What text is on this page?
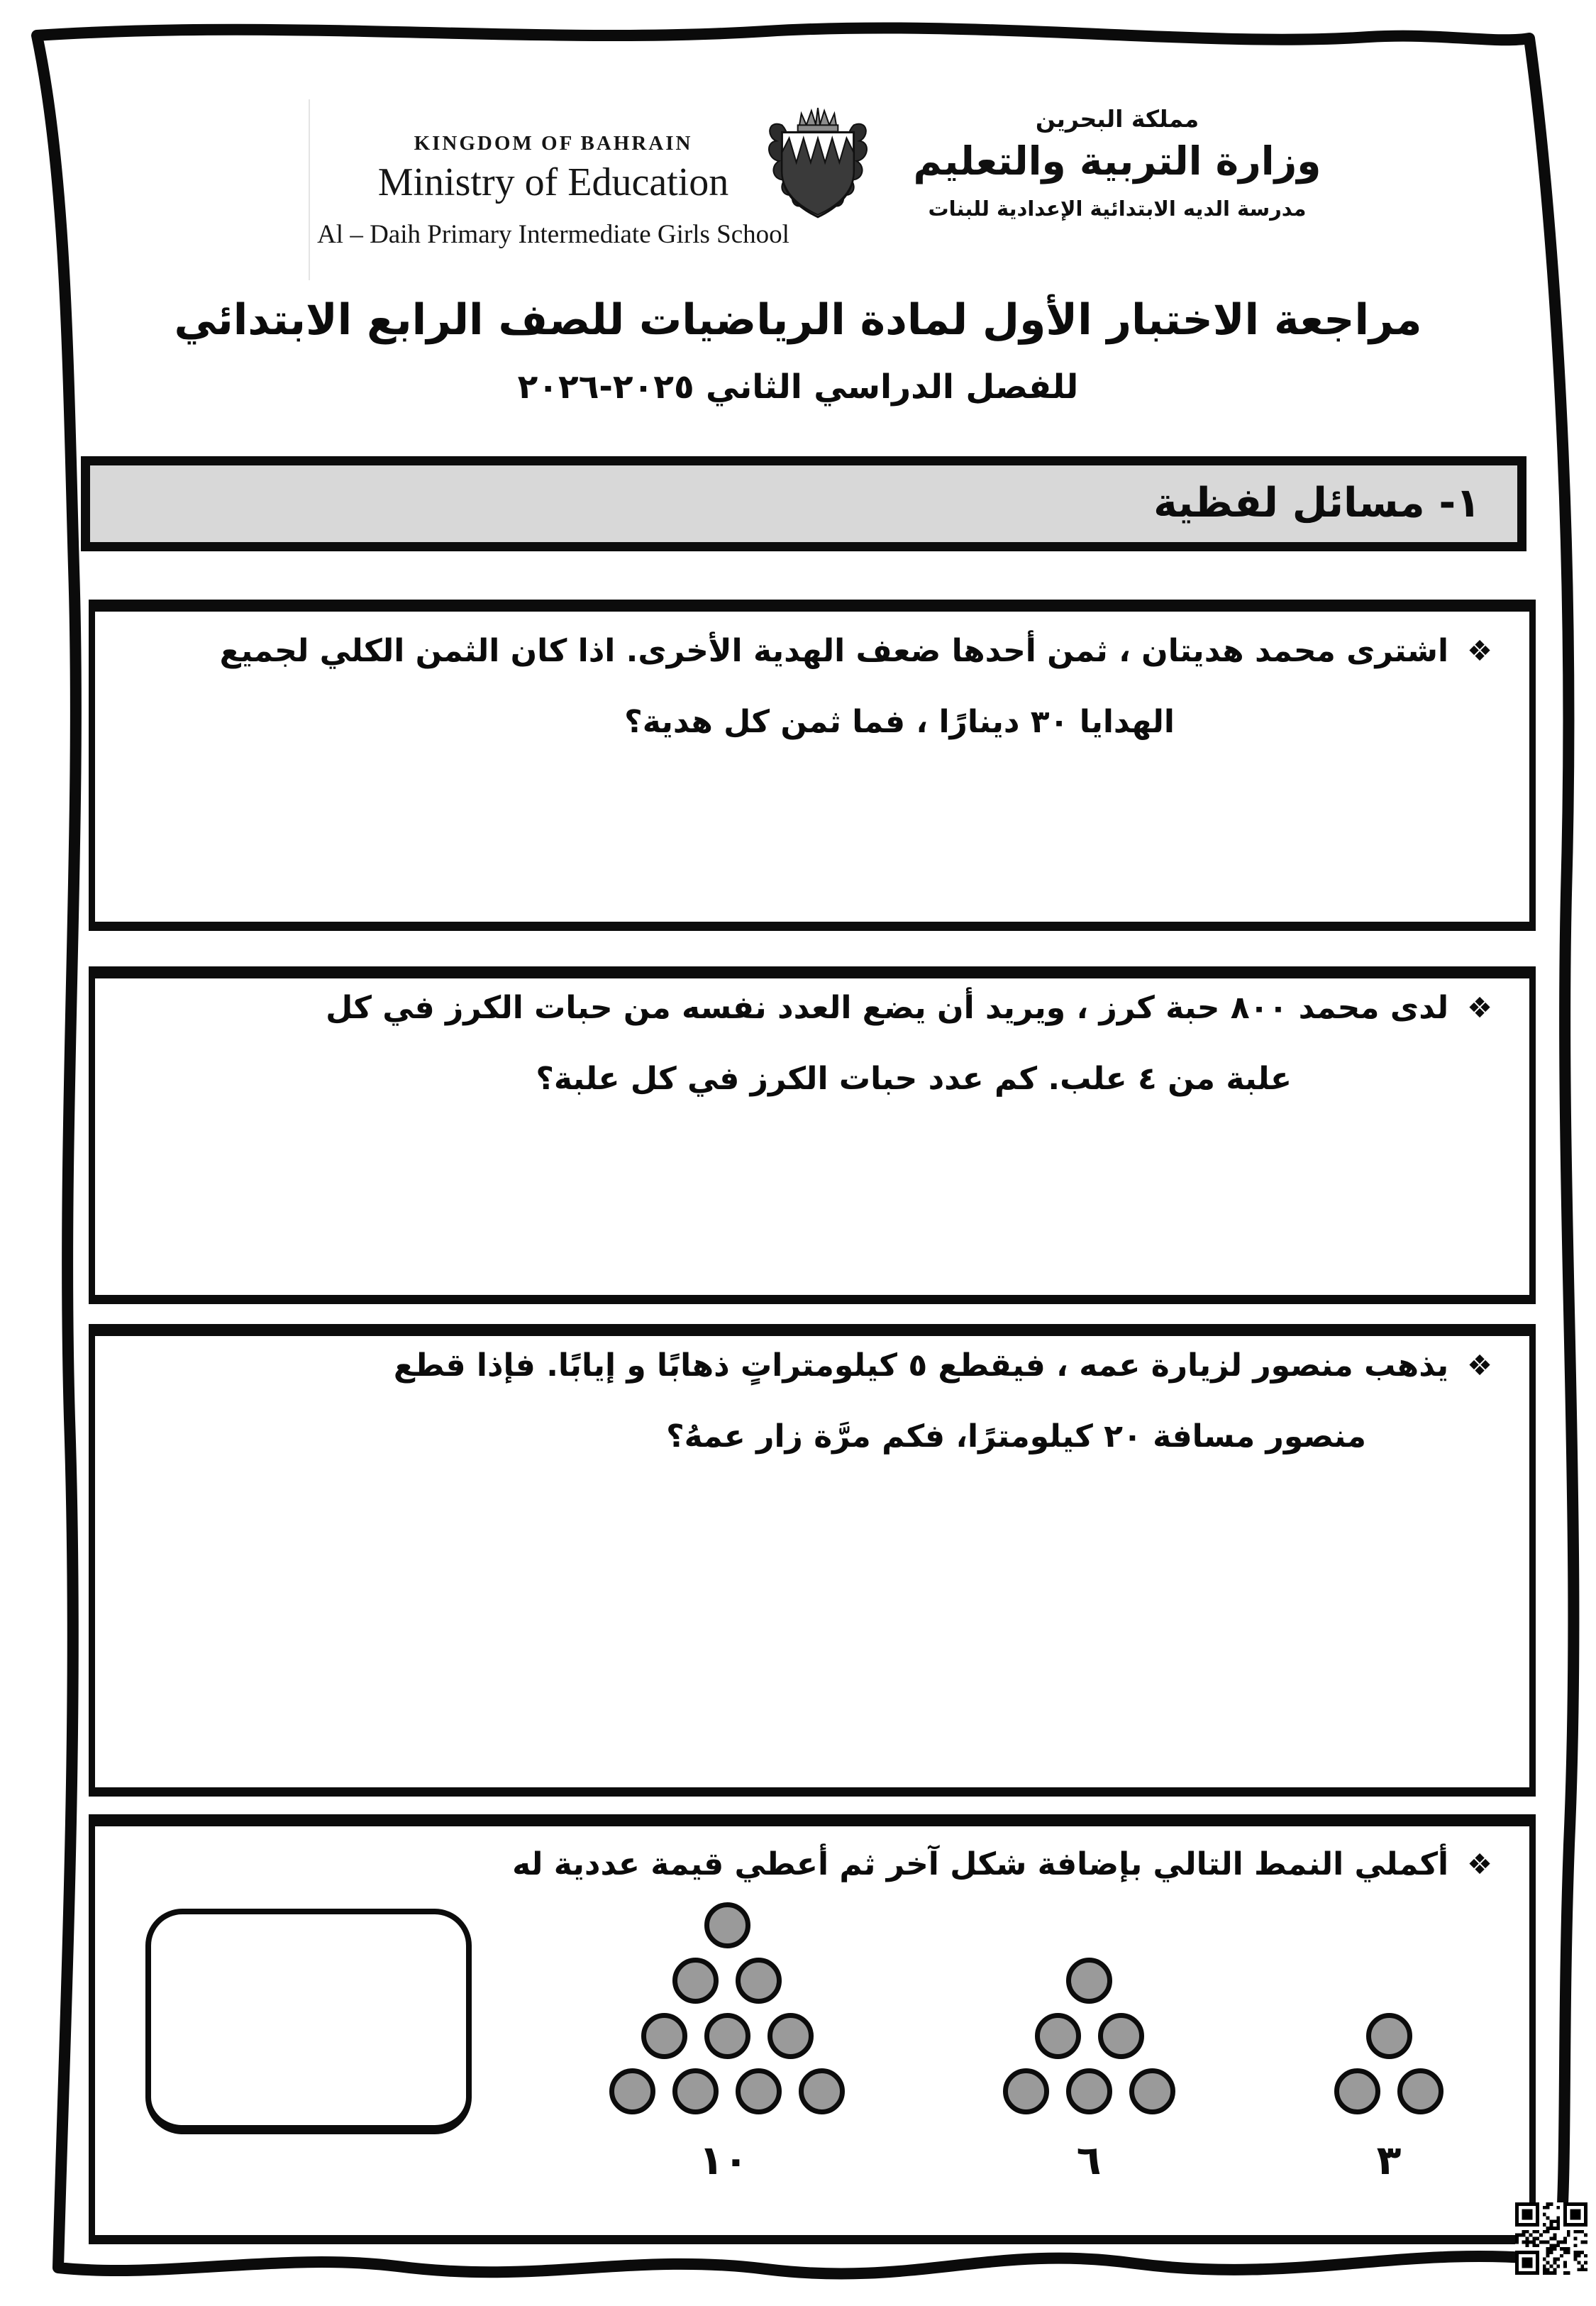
KINGDOM OF BAHRAIN
Ministry of Education
Al – Daih Primary Intermediate Girls School
مملكة البحرين
وزارة التربية والتعليم
مدرسة الديه الابتدائية الإعدادية للبنات
مراجعة الاختبار الأول لمادة الرياضيات للصف الرابع الابتدائي
للفصل الدراسي الثاني ٢٠٢٥-٢٠٢٦
١- مسائل لفظية
❖
اشترى محمد هديتان ، ثمن أحدها ضعف الهدية الأخرى. اذا كان الثمن الكلي لجميع
الهدايا ٣٠ دينارًا ، فما ثمن كل هدية؟
❖
لدى محمد ٨٠٠ حبة كرز ، ويريد أن يضع العدد نفسه من حبات الكرز في كل
علبة من ٤ علب. كم عدد حبات الكرز في كل علبة؟
❖
يذهب منصور لزيارة عمه ، فيقطع ٥ كيلومتراتٍ ذهابًا و إيابًا. فإذا قطع
منصور مسافة ٢٠ كيلومترًا، فكم مرَّة زار عمهُ؟
❖
أكملي النمط التالي بإضافة شكل آخر ثم أعطي قيمة عددية له
١٠	٦	٣
